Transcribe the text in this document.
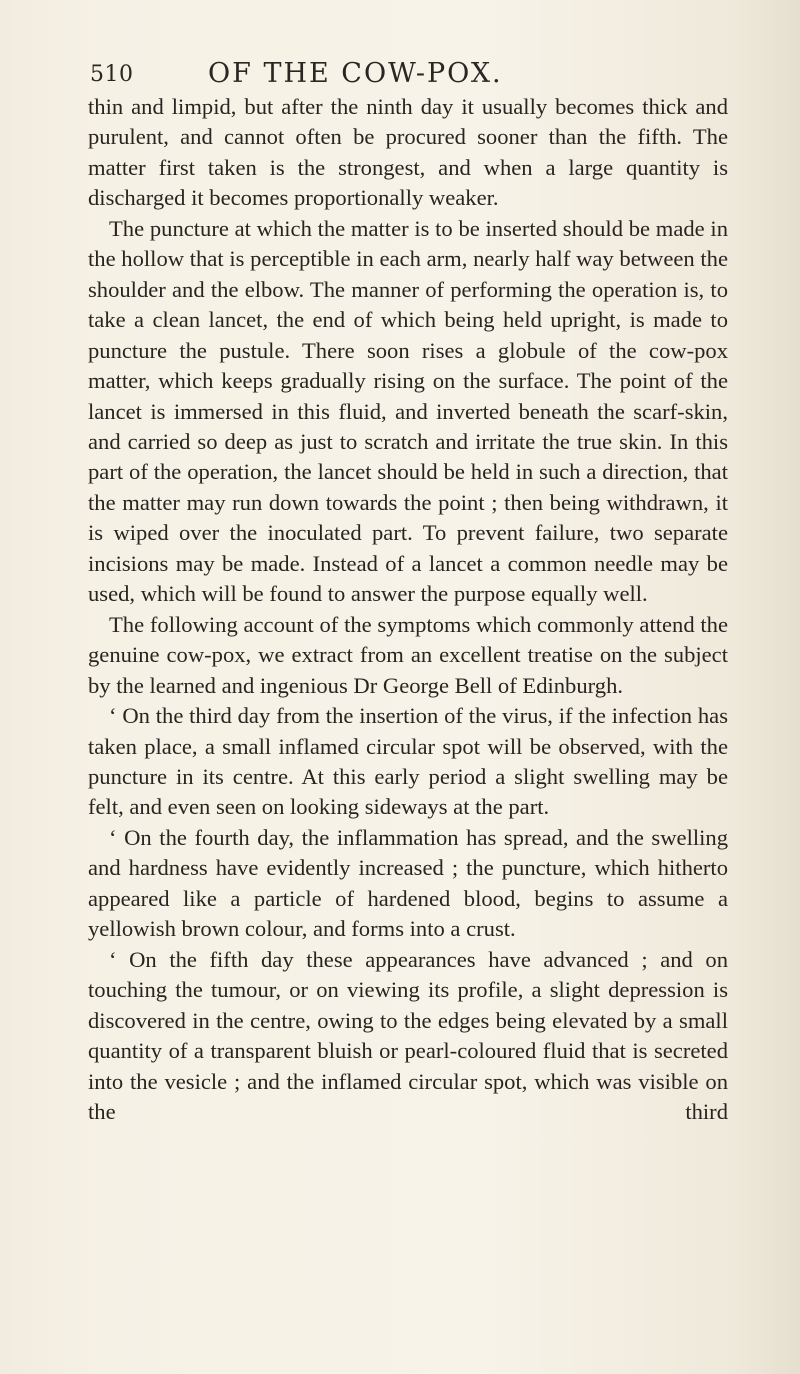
510	OF THE COW-POX.

thin and limpid, but after the ninth day it usually becomes thick and purulent, and cannot often be procured sooner than the fifth. The matter first taken is the strongest, and when a large quantity is discharged it becomes proportionally weaker.

The puncture at which the matter is to be inserted should be made in the hollow that is perceptible in each arm, nearly half way between the shoulder and the elbow. The manner of performing the operation is, to take a clean lancet, the end of which being held upright, is made to puncture the pustule. There soon rises a globule of the cow-pox matter, which keeps gradually rising on the surface. The point of the lancet is immersed in this fluid, and inverted beneath the scarf-skin, and carried so deep as just to scratch and irritate the true skin. In this part of the operation, the lancet should be held in such a direction, that the matter may run down towards the point ; then being withdrawn, it is wiped over the inoculated part. To prevent failure, two separate incisions may be made. Instead of a lancet a common needle may be used, which will be found to answer the purpose equally well.

The following account of the symptoms which commonly attend the genuine cow-pox, we extract from an excellent treatise on the subject by the learned and ingenious Dr George Bell of Edinburgh.

‘ On the third day from the insertion of the virus, if the infection has taken place, a small inflamed circular spot will be observed, with the puncture in its centre. At this early period a slight swelling may be felt, and even seen on looking sideways at the part.

‘ On the fourth day, the inflammation has spread, and the swelling and hardness have evidently increased ; the puncture, which hitherto appeared like a particle of hardened blood, begins to assume a yellowish brown colour, and forms into a crust.

‘ On the fifth day these appearances have advanced ; and on touching the tumour, or on viewing its profile, a slight depression is discovered in the centre, owing to the edges being elevated by a small quantity of a transparent bluish or pearl-coloured fluid that is secreted into the vesicle ; and the inflamed circular spot, which was visible on the third
